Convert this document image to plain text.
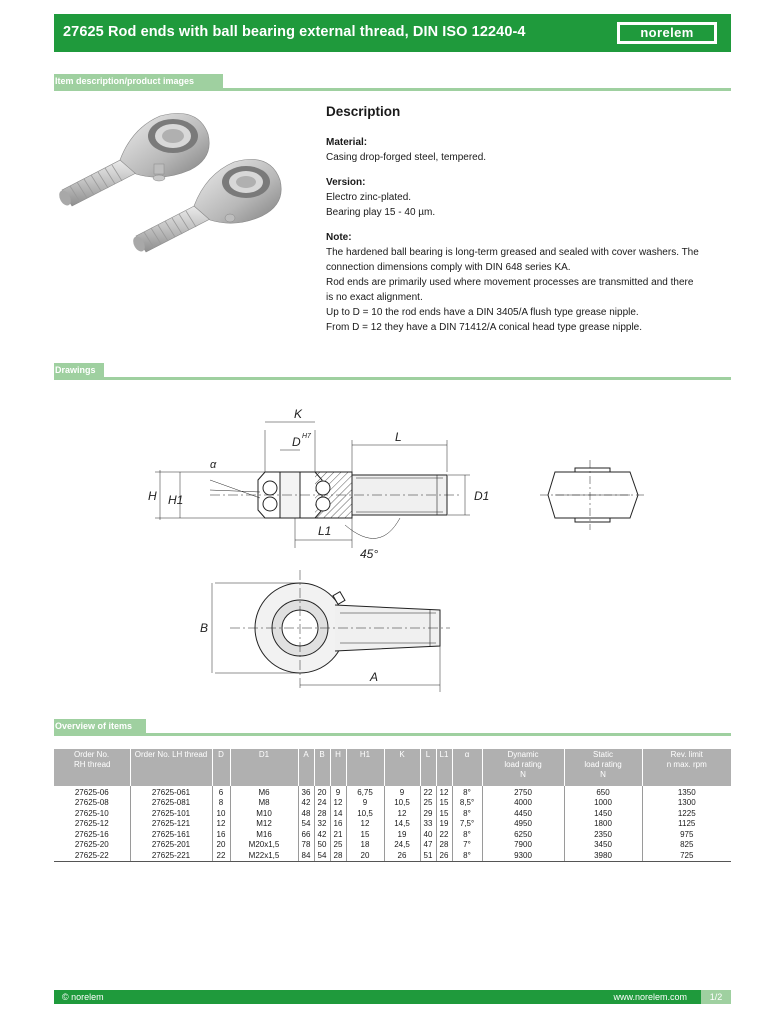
27625 Rod ends with ball bearing external thread, DIN ISO 12240-4	norelem
Item description/product images
Description
Material:
Casing drop-forged steel, tempered.
Version:
Electro zinc-plated.
Bearing play 15 - 40 µm.
Note:
The hardened ball bearing is long-term greased and sealed with cover washers. The
connection dimensions comply with DIN 648 series KA.
Rod ends are primarily used where movement processes are transmitted and there
is no exact alignment.
Up to D = 10 the rod ends have a DIN 3405/A flush type grease nipple.
From D = 12 they have a DIN 71412/A conical head type grease nipple.
Drawings
K
D H7	L
α
H H1	D1
L1
45°
B
A
Overview of items
Order No.
RH thread	Order No. LH thread	D	D1	A	B	H	H1	K	L	L1	α	Dynamic
load rating
N	Static
load rating
N	Rev. limit
n max. rpm
27625-06	27625-061	6	M6	36	20	9	6,75	9	22	12	8°	2750	650	1350
27625-08	27625-081	8	M8	42	24	12	9	10,5	25	15	8,5°	4000	1000	1300
27625-10	27625-101	10	M10	48	28	14	10,5	12	29	15	8°	4450	1450	1225
27625-12	27625-121	12	M12	54	32	16	12	14,5	33	19	7,5°	4950	1800	1125
27625-16	27625-161	16	M16	66	42	21	15	19	40	22	8°	6250	2350	975
27625-20	27625-201	20	M20x1,5	78	50	25	18	24,5	47	28	7°	7900	3450	825
27625-22	27625-221	22	M22x1,5	84	54	28	20	26	51	26	8°	9300	3980	725
© norelem	www.norelem.com	1/2
